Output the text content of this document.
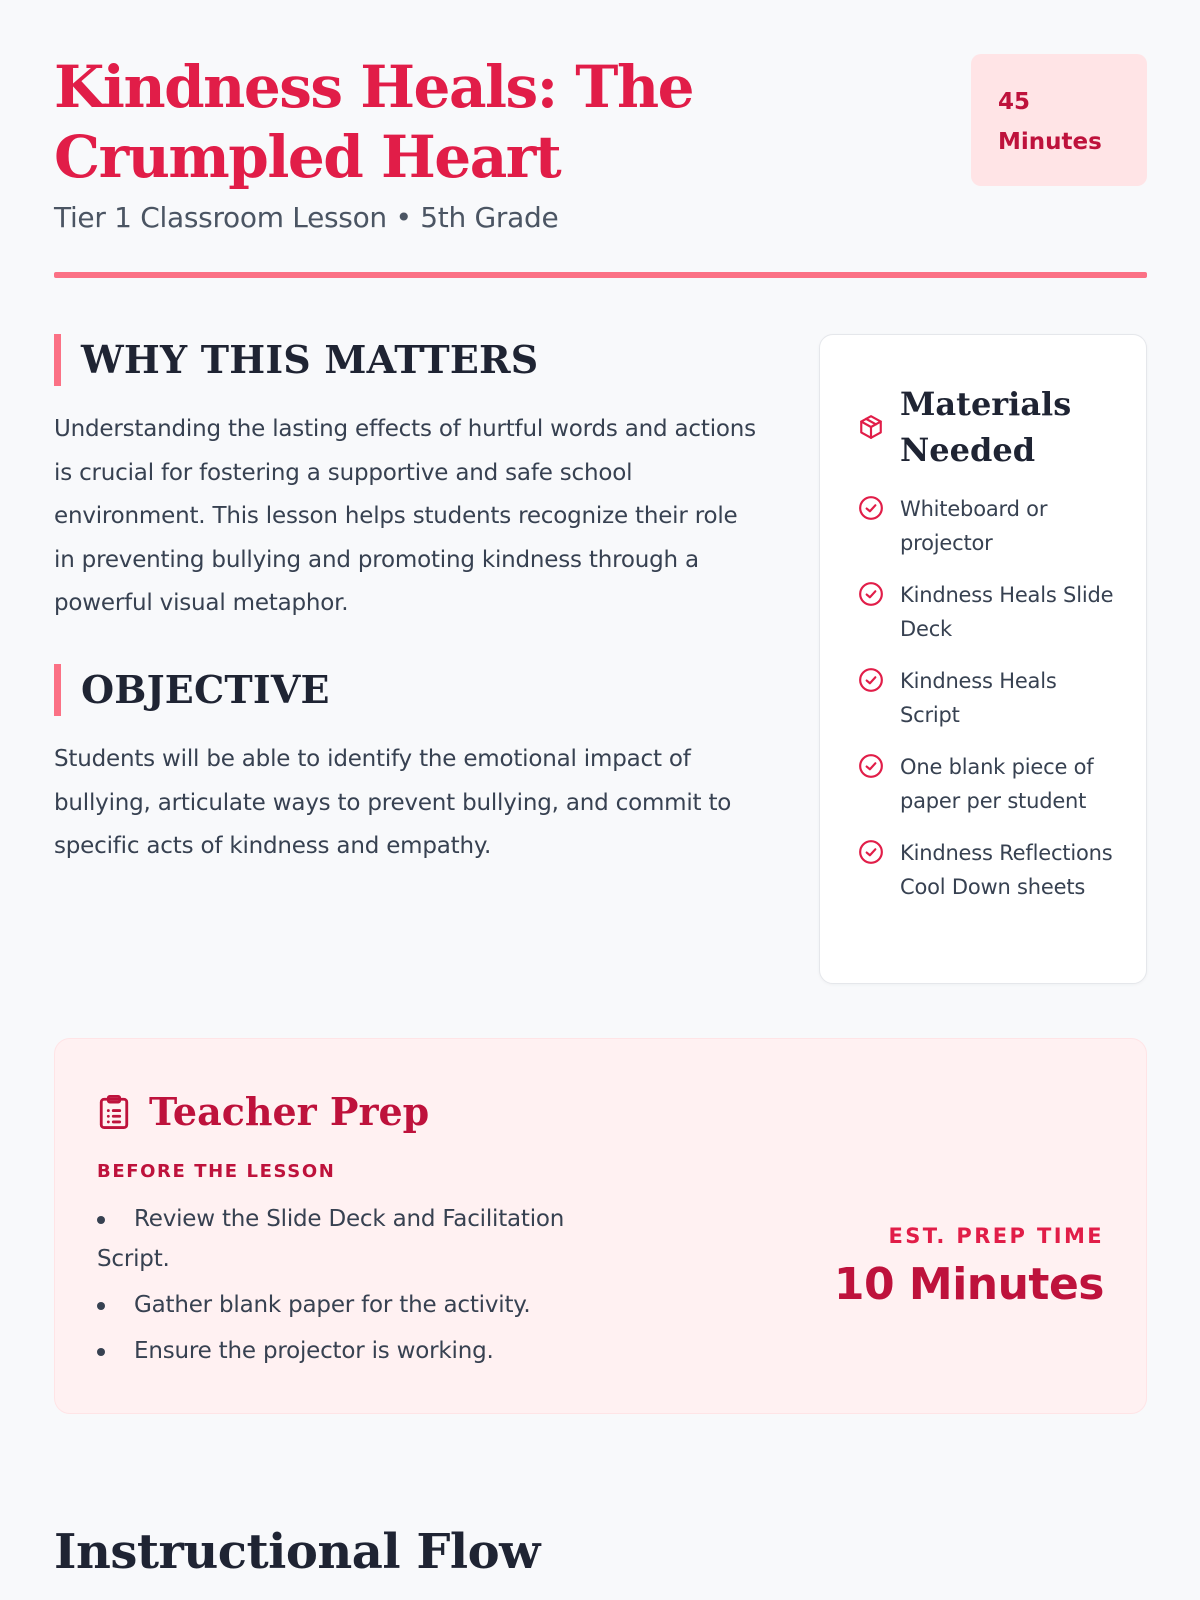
Kindness Heals: The Crumpled Heart

Tier 1 Classroom Lesson • 5th Grade

45
Minutes
WHY THIS MATTERS

Understanding the lasting effects of hurtful words and actions is crucial for fostering a supportive and safe school environment. This lesson helps students recognize their role in preventing bullying and promoting kindness through a powerful visual metaphor.

OBJECTIVE

Students will be able to identify the emotional impact of bullying, articulate ways to prevent bullying, and commit to specific acts of kindness and empathy.

Materials Needed
Whiteboard or projector
Kindness Heals Slide Deck
Kindness Heals Script
One blank piece of paper per student
Kindness Reflections Cool Down sheets
Teacher Prep

BEFORE THE LESSON

Review the Slide Deck and Facilitation Script.
Gather blank paper for the activity.
Ensure the projector is working.
EST. PREP TIME
10 Minutes
Instructional Flow
